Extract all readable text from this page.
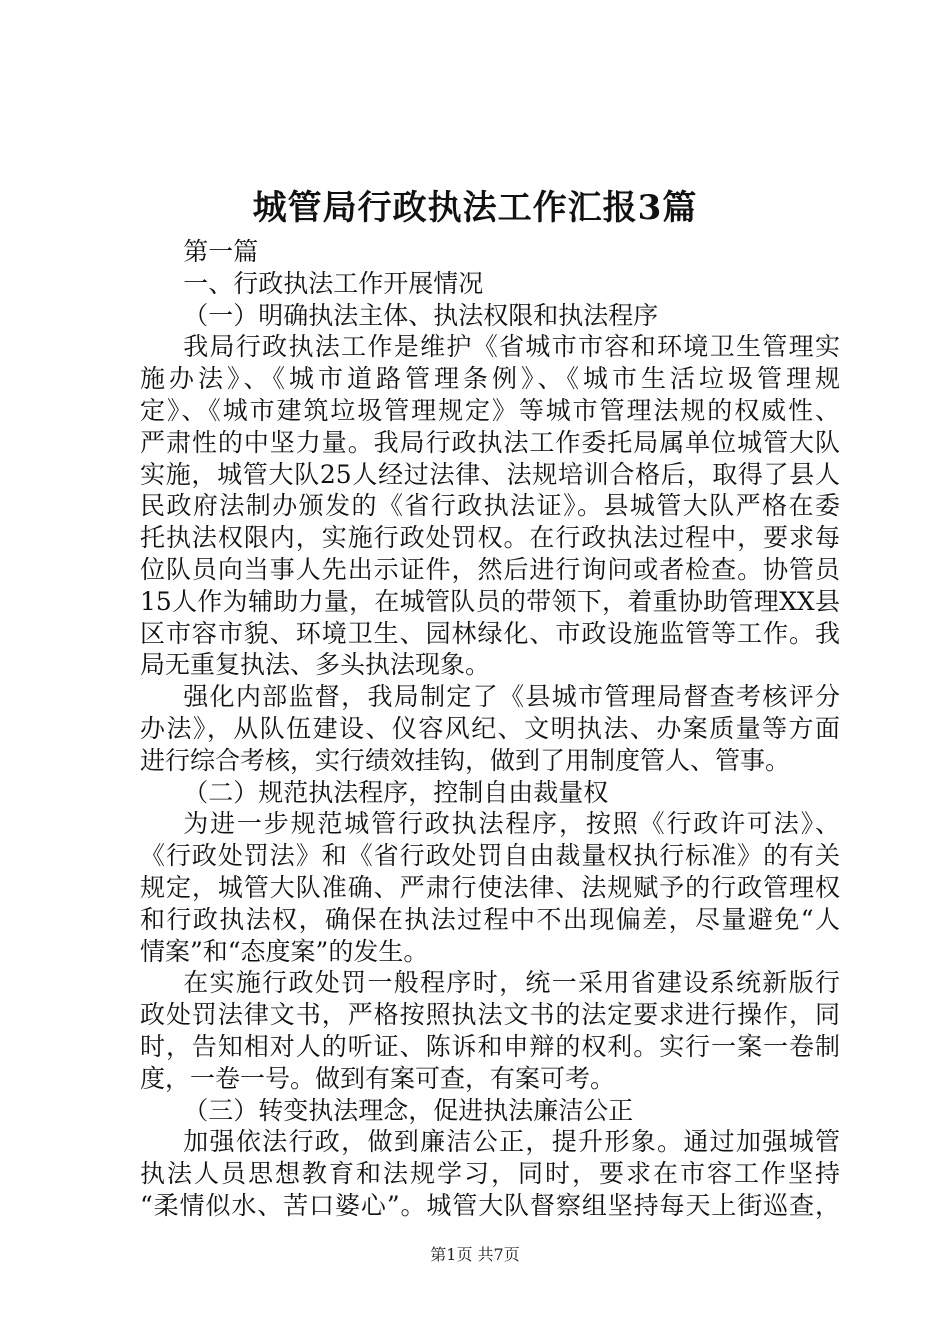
城管局行政执法工作汇报3篇
第一篇
一、行政执法工作开展情况
（一）明确执法主体、执法权限和执法程序
我局行政执法工作是维护《省城市市容和环境卫生管理实
施办法》、《城市道路管理条例》、《城市生活垃圾管理规
定》、《城市建筑垃圾管理规定》等城市管理法规的权威性、
严肃性的中坚力量。我局行政执法工作委托局属单位城管大队
实施，城管大队25人经过法律、法规培训合格后，取得了县人
民政府法制办颁发的《省行政执法证》。县城管大队严格在委
托执法权限内，实施行政处罚权。在行政执法过程中，要求每
位队员向当事人先出示证件，然后进行询问或者检查。协管员
15人作为辅助力量，在城管队员的带领下，着重协助管理XX县
区市容市貌、环境卫生、园林绿化、市政设施监管等工作。我
局无重复执法、多头执法现象。
强化内部监督，我局制定了《县城市管理局督查考核评分
办法》，从队伍建设、仪容风纪、文明执法、办案质量等方面
进行综合考核，实行绩效挂钩，做到了用制度管人、管事。
（二）规范执法程序，控制自由裁量权
为进一步规范城管行政执法程序，按照《行政许可法》、
《行政处罚法》和《省行政处罚自由裁量权执行标准》的有关
规定，城管大队准确、严肃行使法律、法规赋予的行政管理权
和行政执法权，确保在执法过程中不出现偏差，尽量避免“人
情案”和“态度案”的发生。
在实施行政处罚一般程序时，统一采用省建设系统新版行
政处罚法律文书，严格按照执法文书的法定要求进行操作，同
时，告知相对人的听证、陈诉和申辩的权利。实行一案一卷制
度，一卷一号。做到有案可查，有案可考。
（三）转变执法理念，促进执法廉洁公正
加强依法行政，做到廉洁公正，提升形象。通过加强城管
执法人员思想教育和法规学习，同时，要求在市容工作坚持
“柔情似水、苦口婆心”。城管大队督察组坚持每天上街巡查，
第1页 共7页
